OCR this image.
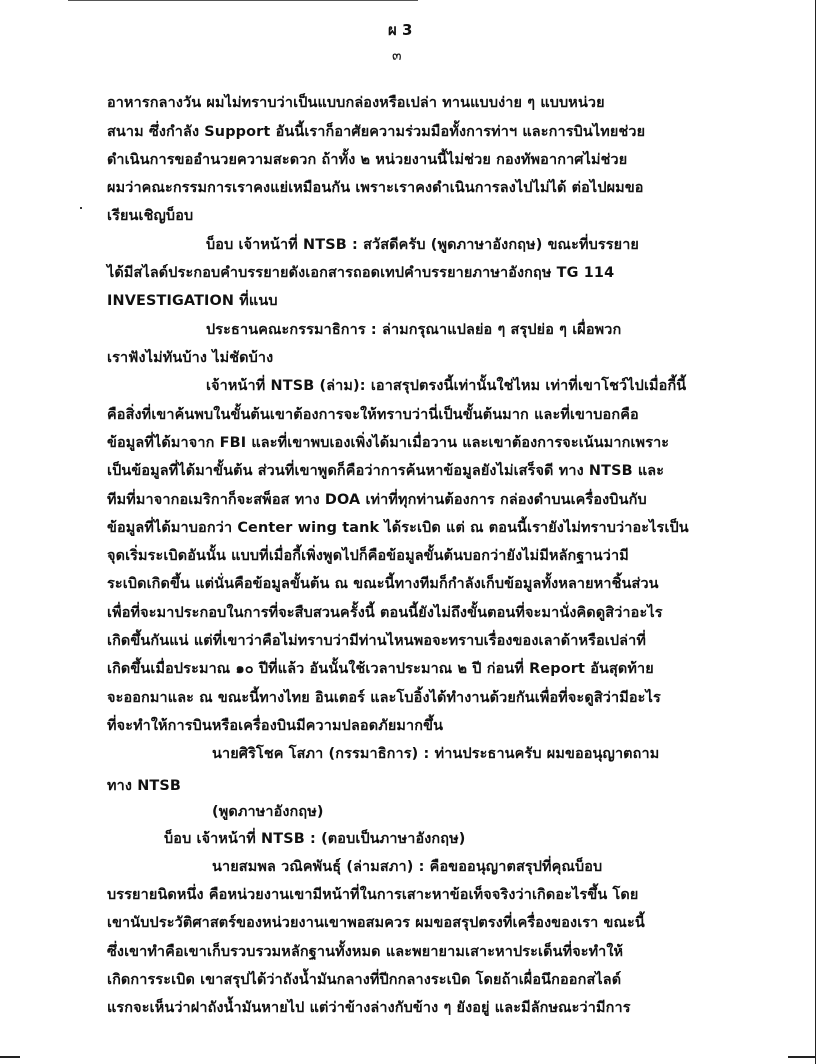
ผ 3
๓
อาหารกลางวัน ผมไม่ทราบว่าเป็นแบบกล่องหรือเปล่า ทานแบบง่าย ๆ แบบหน่วย
สนาม ซึ่งกำลัง Support อันนี้เราก็อาศัยความร่วมมือทั้งการท่าฯ และการบินไทยช่วย
ดำเนินการขออำนวยความสะดวก ถ้าทั้ง ๒ หน่วยงานนี้ไม่ช่วย กองทัพอากาศไม่ช่วย
ผมว่าคณะกรรมการเราคงแย่เหมือนกัน เพราะเราคงดำเนินการลงไปไม่ได้ ต่อไปผมขอ
เรียนเชิญบ็อบ
บ็อบ เจ้าหน้าที่ NTSB : สวัสดีครับ (พูดภาษาอังกฤษ) ขณะที่บรรยาย
ได้มีสไลด์ประกอบคำบรรยายดังเอกสารถอดเทปคำบรรยายภาษาอังกฤษ TG 114
INVESTIGATION ที่แนบ
ประธานคณะกรรมาธิการ : ล่ามกรุณาแปลย่อ ๆ สรุปย่อ ๆ เผื่อพวก
เราฟังไม่ทันบ้าง ไม่ชัดบ้าง
เจ้าหน้าที่ NTSB (ล่าม): เอาสรุปตรงนี้เท่านั้นใช่ไหม เท่าที่เขาโชว์ไปเมื่อกี้นี้
คือสิ่งที่เขาค้นพบในขั้นต้นเขาต้องการจะให้ทราบว่านี่เป็นขั้นต้นมาก และที่เขาบอกคือ
ข้อมูลที่ได้มาจาก FBI และที่เขาพบเองเพิ่งได้มาเมื่อวาน และเขาต้องการจะเน้นมากเพราะ
เป็นข้อมูลที่ได้มาขั้นต้น ส่วนที่เขาพูดก็คือว่าการค้นหาข้อมูลยังไม่เสร็จดี ทาง NTSB และ
ทีมที่มาจากอเมริกาก็จะสพ็อส ทาง DOA เท่าที่ทุกท่านต้องการ กล่องดำบนเครื่องบินกับ
ข้อมูลที่ได้มาบอกว่า Center wing tank ได้ระเบิด แต่ ณ ตอนนี้เรายังไม่ทราบว่าอะไรเป็น
จุดเริ่มระเบิดอันนั้น แบบที่เมื่อกี้เพิ่งพูดไปก็คือข้อมูลขั้นต้นบอกว่ายังไม่มีหลักฐานว่ามี
ระเบิดเกิดขึ้น แต่นั่นคือข้อมูลขั้นต้น ณ ขณะนี้ทางทีมก็กำลังเก็บข้อมูลทั้งหลายหาชิ้นส่วน
เพื่อที่จะมาประกอบในการที่จะสืบสวนครั้งนี้ ตอนนี้ยังไม่ถึงขั้นตอนที่จะมานั่งคิดดูสิว่าอะไร
เกิดขึ้นกันแน่ แต่ที่เขาว่าคือไม่ทราบว่ามีท่านไหนพอจะทราบเรื่องของเลาด้าหรือเปล่าที่
เกิดขึ้นเมื่อประมาณ ๑๐ ปีที่แล้ว อันนั้นใช้เวลาประมาณ ๒ ปี ก่อนที่ Report อันสุดท้าย
จะออกมาและ ณ ขณะนี้ทางไทย อินเตอร์ และโบอิ้งได้ทำงานด้วยกันเพื่อที่จะดูสิว่ามีอะไร
ที่จะทำให้การบินหรือเครื่องบินมีความปลอดภัยมากขึ้น
นายศิริโชค โสภา (กรรมาธิการ) : ท่านประธานครับ ผมขออนุญาตถาม
ทาง NTSB
(พูดภาษาอังกฤษ)
บ็อบ เจ้าหน้าที่ NTSB : (ตอบเป็นภาษาอังกฤษ)
นายสมพล วณิคพันธุ์ (ล่ามสภา) : คือขออนุญาตสรุปที่คุณบ็อบ
บรรยายนิดหนึ่ง คือหน่วยงานเขามีหน้าที่ในการเสาะหาข้อเท็จจริงว่าเกิดอะไรขึ้น โดย
เขานับประวัติศาสตร์ของหน่วยงานเขาพอสมควร ผมขอสรุปตรงที่เครื่องของเรา ขณะนี้
ซึ่งเขาทำคือเขาเก็บรวบรวมหลักฐานทั้งหมด และพยายามเสาะหาประเด็นที่จะทำให้
เกิดการระเบิด เขาสรุปได้ว่าถังน้ำมันกลางที่ปีกกลางระเบิด โดยถ้าเผื่อนึกออกสไลด์
แรกจะเห็นว่าฝาถังน้ำมันหายไป แต่ว่าข้างล่างกับข้าง ๆ ยังอยู่ และมีลักษณะว่ามีการ
